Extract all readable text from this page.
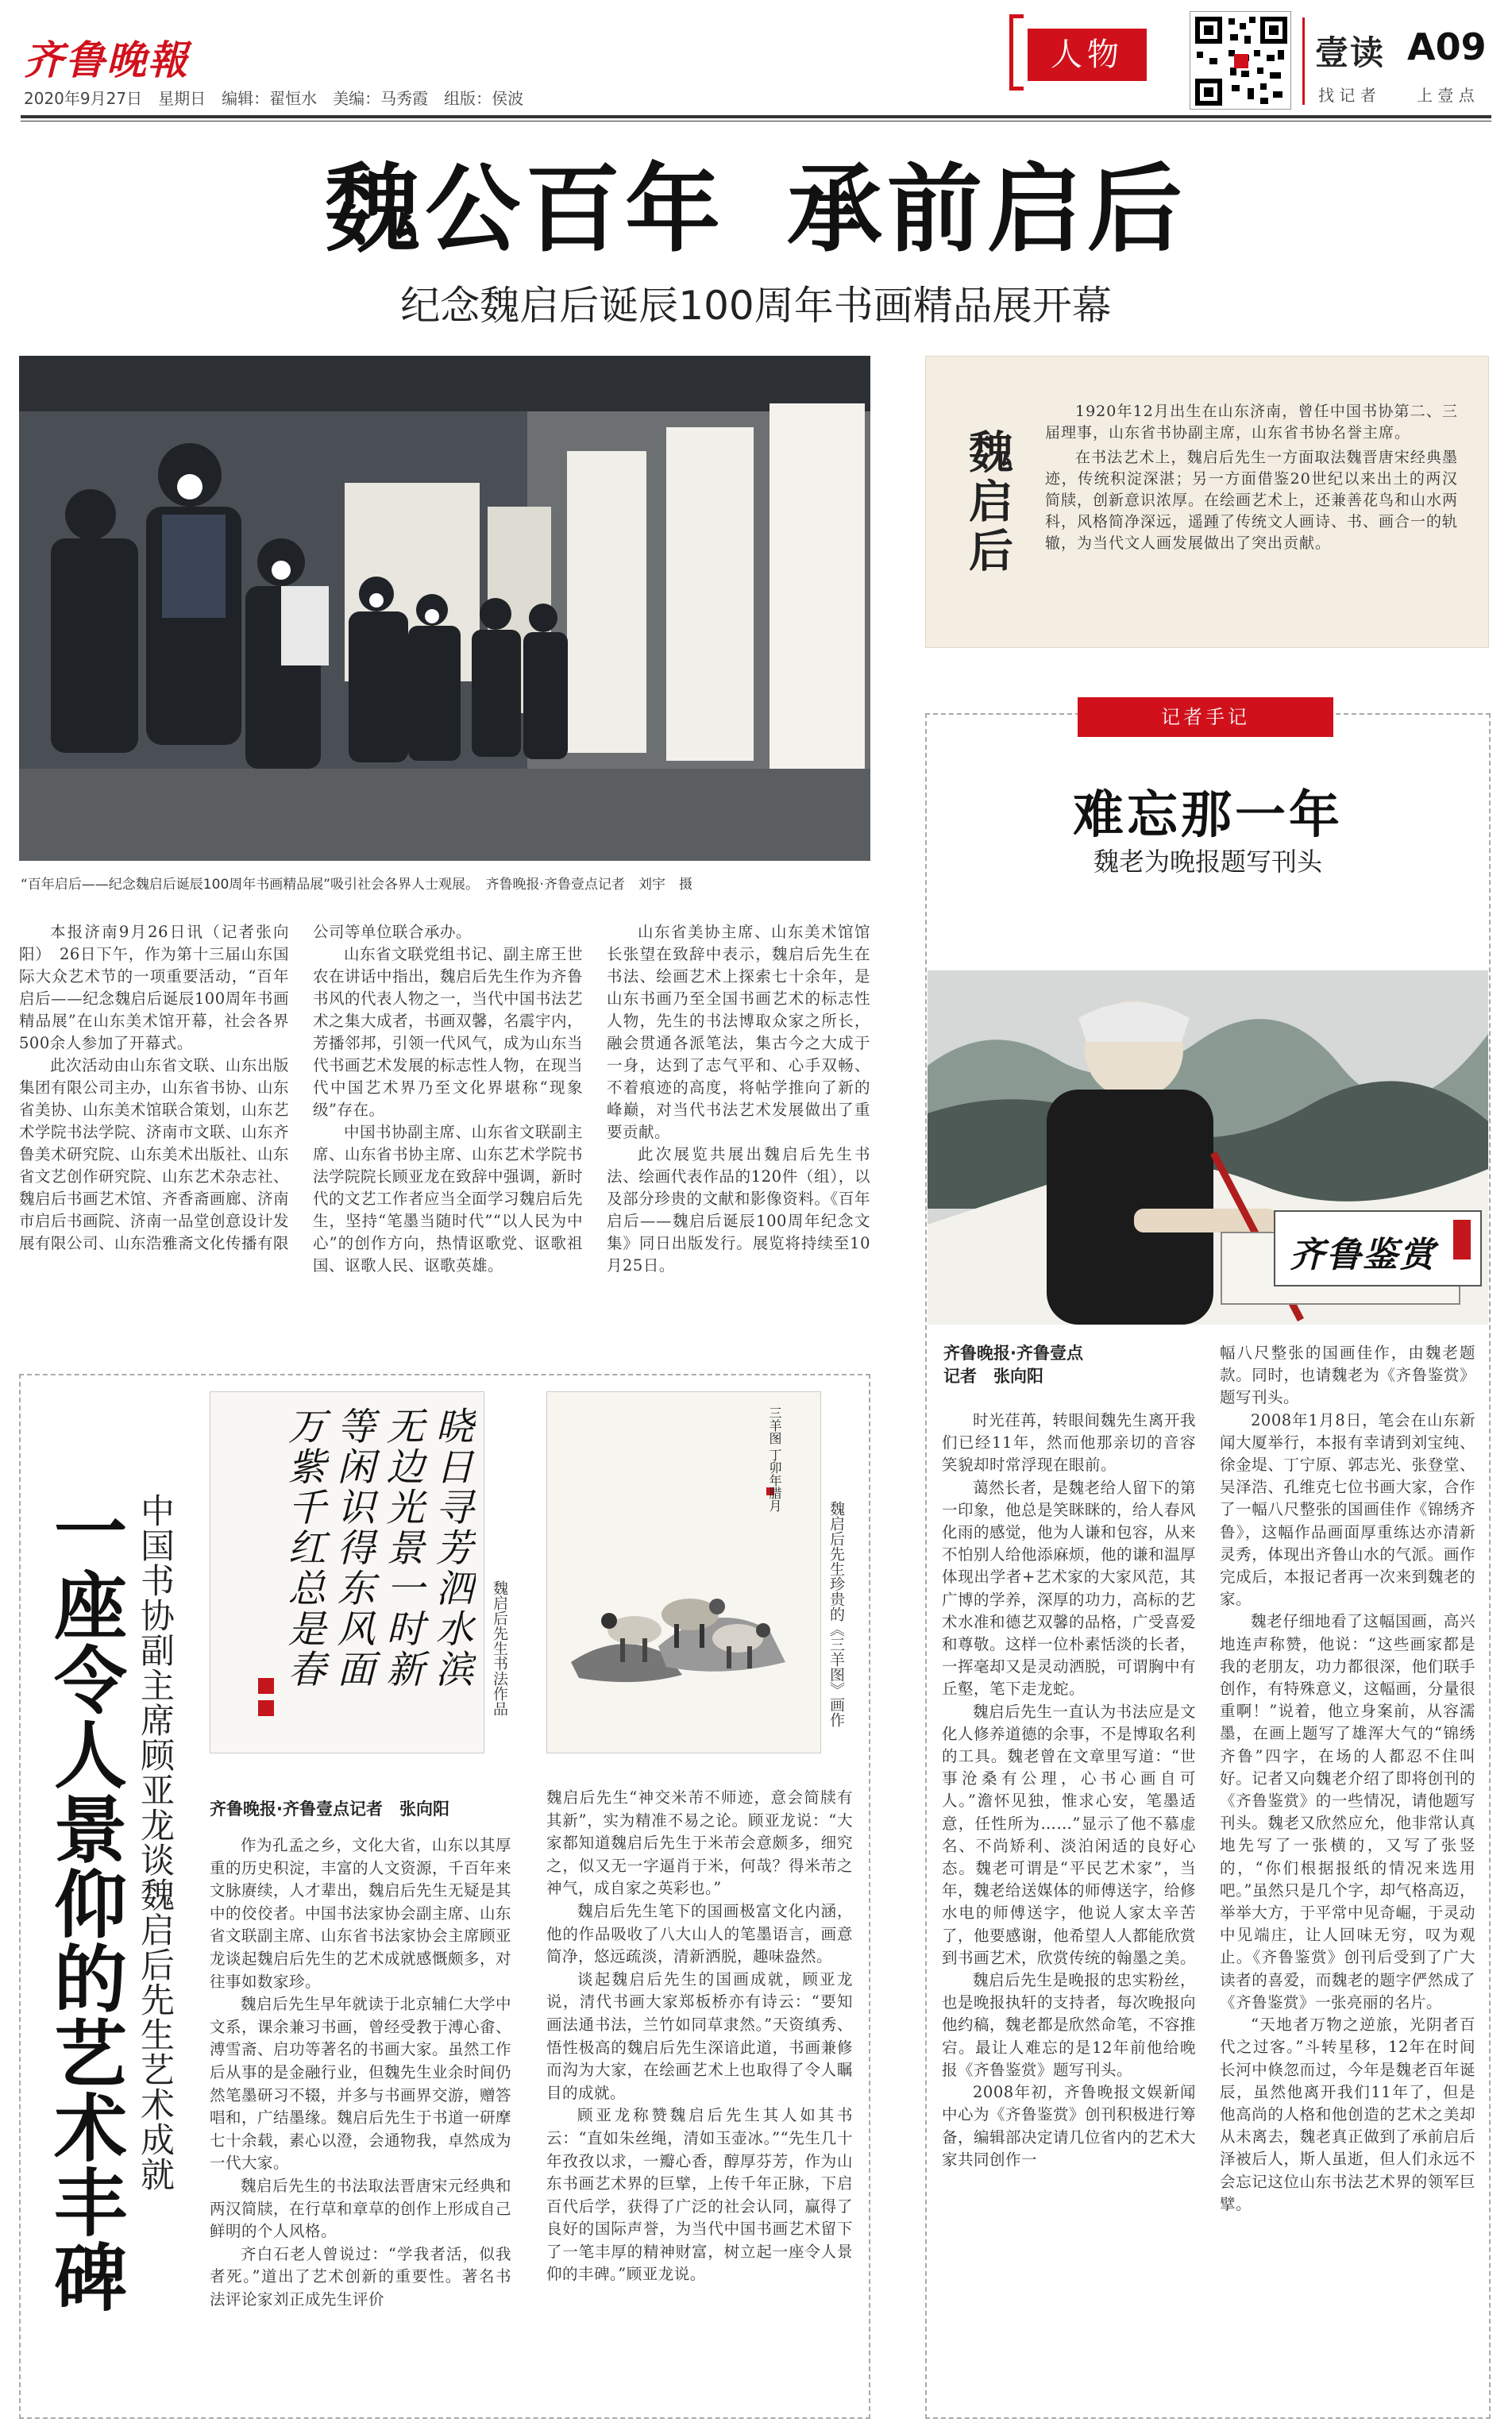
齐鲁晚報
2020年9月27日　星期日　编辑：翟恒水　美编：马秀霞　组版：侯波
人物	壹读 A09
找 记 者	上 壹 点
魏公百年 承前启后
纪念魏启后诞辰100周年书画精品展开幕
“百年启后——纪念魏启后诞辰100周年书画精品展”吸引社会各界人士观展。　齐鲁晚报·齐鲁壹点记者　刘宇　摄

本报济南9月26日讯（记者张向阳）　26日下午，作为第十三届山东国际大众艺术节的一项重要活动，“百年启后——纪念魏启后诞辰100周年书画精品展”在山东美术馆开幕，社会各界500余人参加了开幕式。

此次活动由山东省文联、山东出版集团有限公司主办，山东省书协、山东省美协、山东美术馆联合策划，山东艺术学院书法学院、济南市文联、山东齐鲁美术研究院、山东美术出版社、山东省文艺创作研究院、山东艺术杂志社、魏启后书画艺术馆、齐香斋画廊、济南市启后书画院、济南一品堂创意设计发展有限公司、山东浩雅斋文化传播有限

公司等单位联合承办。

山东省文联党组书记、副主席王世农在讲话中指出，魏启后先生作为齐鲁书风的代表人物之一，当代中国书法艺术之集大成者，书画双馨，名震宇内，芳播邻邦，引领一代风气，成为山东当代书画艺术发展的标志性人物，在现当代中国艺术界乃至文化界堪称“现象级”存在。

中国书协副主席、山东省文联副主席、山东省书协主席、山东艺术学院书法学院院长顾亚龙在致辞中强调，新时代的文艺工作者应当全面学习魏启后先生，坚持“笔墨当随时代”“以人民为中心”的创作方向，热情讴歌党、讴歌祖国、讴歌人民、讴歌英雄。

山东省美协主席、山东美术馆馆长张望在致辞中表示，魏启后先生在书法、绘画艺术上探索七十余年，是山东书画乃至全国书画艺术的标志性人物，先生的书法博取众家之所长，融会贯通各派笔法，集古今之大成于一身，达到了志气平和、心手双畅、不着痕迹的高度，将帖学推向了新的峰巅，对当代书法艺术发展做出了重要贡献。

此次展览共展出魏启后先生书法、绘画代表作品的120件（组），以及部分珍贵的文献和影像资料。《百年启后——魏启后诞辰100周年纪念文集》同日出版发行。展览将持续至10月25日。

魏启后

1920年12月出生在山东济南，曾任中国书协第二、三届理事，山东省书协副主席，山东省书协名誉主席。

在书法艺术上，魏启后先生一方面取法魏晋唐宋经典墨迹，传统积淀深湛；另一方面借鉴20世纪以来出土的两汉简牍，创新意识浓厚。在绘画艺术上，还兼善花鸟和山水两科，风格简净深远，遥踵了传统文人画诗、书、画合一的轨辙，为当代文人画发展做出了突出贡献。

记者手记
难忘那一年
魏老为晚报题写刊头
齐鲁鉴赏
齐鲁晚报·齐鲁壹点
记者　张向阳

时光荏苒，转眼间魏先生离开我们已经11年，然而他那亲切的音容笑貌却时常浮现在眼前。

蔼然长者，是魏老给人留下的第一印象，他总是笑眯眯的，给人春风化雨的感觉，他为人谦和包容，从来不怕别人给他添麻烦，他的谦和温厚体现出学者+艺术家的大家风范，其广博的学养，深厚的功力，高标的艺术水准和德艺双馨的品格，广受喜爱和尊敬。这样一位朴素恬淡的长者，一挥毫却又是灵动洒脱，可谓胸中有丘壑，笔下走龙蛇。

魏启后先生一直认为书法应是文化人修养道德的余事，不是博取名利的工具。魏老曾在文章里写道：“世事沧桑有公理，心书心画自可人。”澹怀见独，惟求心安，笔墨适意，任性所为……”显示了他不慕虚名、不尚矫利、淡泊闲适的良好心态。魏老可谓是“平民艺术家”，当年，魏老给送媒体的师傅送字，给修水电的师傅送字，他说人家太辛苦了，他要感谢，他希望人人都能欣赏到书画艺术，欣赏传统的翰墨之美。

魏启后先生是晚报的忠实粉丝，也是晚报执轩的支持者，每次晚报向他约稿，魏老都是欣然命笔，不容推宕。最让人难忘的是12年前他给晚报《齐鲁鉴赏》题写刊头。

2008年初，齐鲁晚报文娱新闻中心为《齐鲁鉴赏》创刊积极进行筹备，编辑部决定请几位省内的艺术大家共同创作一

幅八尺整张的国画佳作，由魏老题款。同时，也请魏老为《齐鲁鉴赏》题写刊头。

2008年1月8日，笔会在山东新闻大厦举行，本报有幸请到刘宝纯、徐金堤、丁宁原、郭志光、张登堂、吴泽浩、孔维克七位书画大家，合作了一幅八尺整张的国画佳作《锦绣齐鲁》，这幅作品画面厚重练达亦清新灵秀，体现出齐鲁山水的气派。画作完成后，本报记者再一次来到魏老的家。

魏老仔细地看了这幅国画，高兴地连声称赞，他说：“这些画家都是我的老朋友，功力都很深，他们联手创作，有特殊意义，这幅画，分量很重啊！”说着，他立身案前，从容濡墨，在画上题写了雄浑大气的“锦绣齐鲁”四字，在场的人都忍不住叫好。记者又向魏老介绍了即将创刊的《齐鲁鉴赏》的一些情况，请他题写刊头。魏老又欣然应允，他非常认真地先写了一张横的，又写了张竖的，“你们根据报纸的情况来选用吧。”虽然只是几个字，却气格高迈，举举大方，于平常中见奇崛，于灵动中见端庄，让人回味无穷，叹为观止。《齐鲁鉴赏》创刊后受到了广大读者的喜爱，而魏老的题字俨然成了《齐鲁鉴赏》一张亮丽的名片。

“天地者万物之逆旅，光阴者百代之过客。”斗转星移，12年在时间长河中倏忽而过，今年是魏老百年诞辰，虽然他离开我们11年了，但是他高尚的人格和他创造的艺术之美却从未离去，魏老真正做到了承前启后泽被后人，斯人虽逝，但人们永远不会忘记这位山东书法艺术界的领军巨擘。

一座令人景仰的艺术丰碑 中国书协副主席顾亚龙谈魏启后先生艺术成就	晓日寻芳泗水滨 无边光景一时新 等闲识得东风面 万紫千红总是春	魏启后先生书法作品
三羊图 丁卯年腊月
魏启后先生珍贵的《三羊图》画作
齐鲁晚报·齐鲁壹点记者　张向阳

作为孔孟之乡，文化大省，山东以其厚重的历史积淀，丰富的人文资源，千百年来文脉赓续，人才辈出，魏启后先生无疑是其中的佼佼者。中国书法家协会副主席、山东省文联副主席、山东省书法家协会主席顾亚龙谈起魏启后先生的艺术成就感慨颇多，对往事如数家珍。

魏启后先生早年就读于北京辅仁大学中文系，课余兼习书画，曾经受教于溥心畬、溥雪斋、启功等著名的书画大家。虽然工作后从事的是金融行业，但魏先生业余时间仍然笔墨研习不辍，并多与书画界交游，赠答唱和，广结墨缘。魏启后先生于书道一研摩七十余载，素心以澄，会通物我，卓然成为一代大家。

魏启后先生的书法取法晋唐宋元经典和两汉简牍，在行草和章草的创作上形成自己鲜明的个人风格。

齐白石老人曾说过：“学我者活，似我者死。”道出了艺术创新的重要性。著名书法评论家刘正成先生评价

魏启后先生“神交米芾不师迹，意会简牍有其新”，实为精准不易之论。顾亚龙说：“大家都知道魏启后先生于米芾会意颇多，细究之，似又无一字逼肖于米，何哉？得米芾之神气，成自家之英彩也。”

魏启后先生笔下的国画极富文化内涵，他的作品吸收了八大山人的笔墨语言，画意简净，悠远疏淡，清新洒脱，趣味盎然。

谈起魏启后先生的国画成就，顾亚龙说，清代书画大家郑板桥亦有诗云：“要知画法通书法，兰竹如同草隶然。”天资缜秀、悟性极高的魏启后先生深谙此道，书画兼修而沟为大家，在绘画艺术上也取得了令人瞩目的成就。

顾亚龙称赞魏启后先生其人如其书云：“直如朱丝绳，清如玉壶冰。”“先生几十年孜孜以求，一瓣心香，醇厚芬芳，作为山东书画艺术界的巨擘，上传千年正脉，下启百代后学，获得了广泛的社会认同，赢得了良好的国际声誉，为当代中国书画艺术留下了一笔丰厚的精神财富，树立起一座令人景仰的丰碑。”顾亚龙说。
